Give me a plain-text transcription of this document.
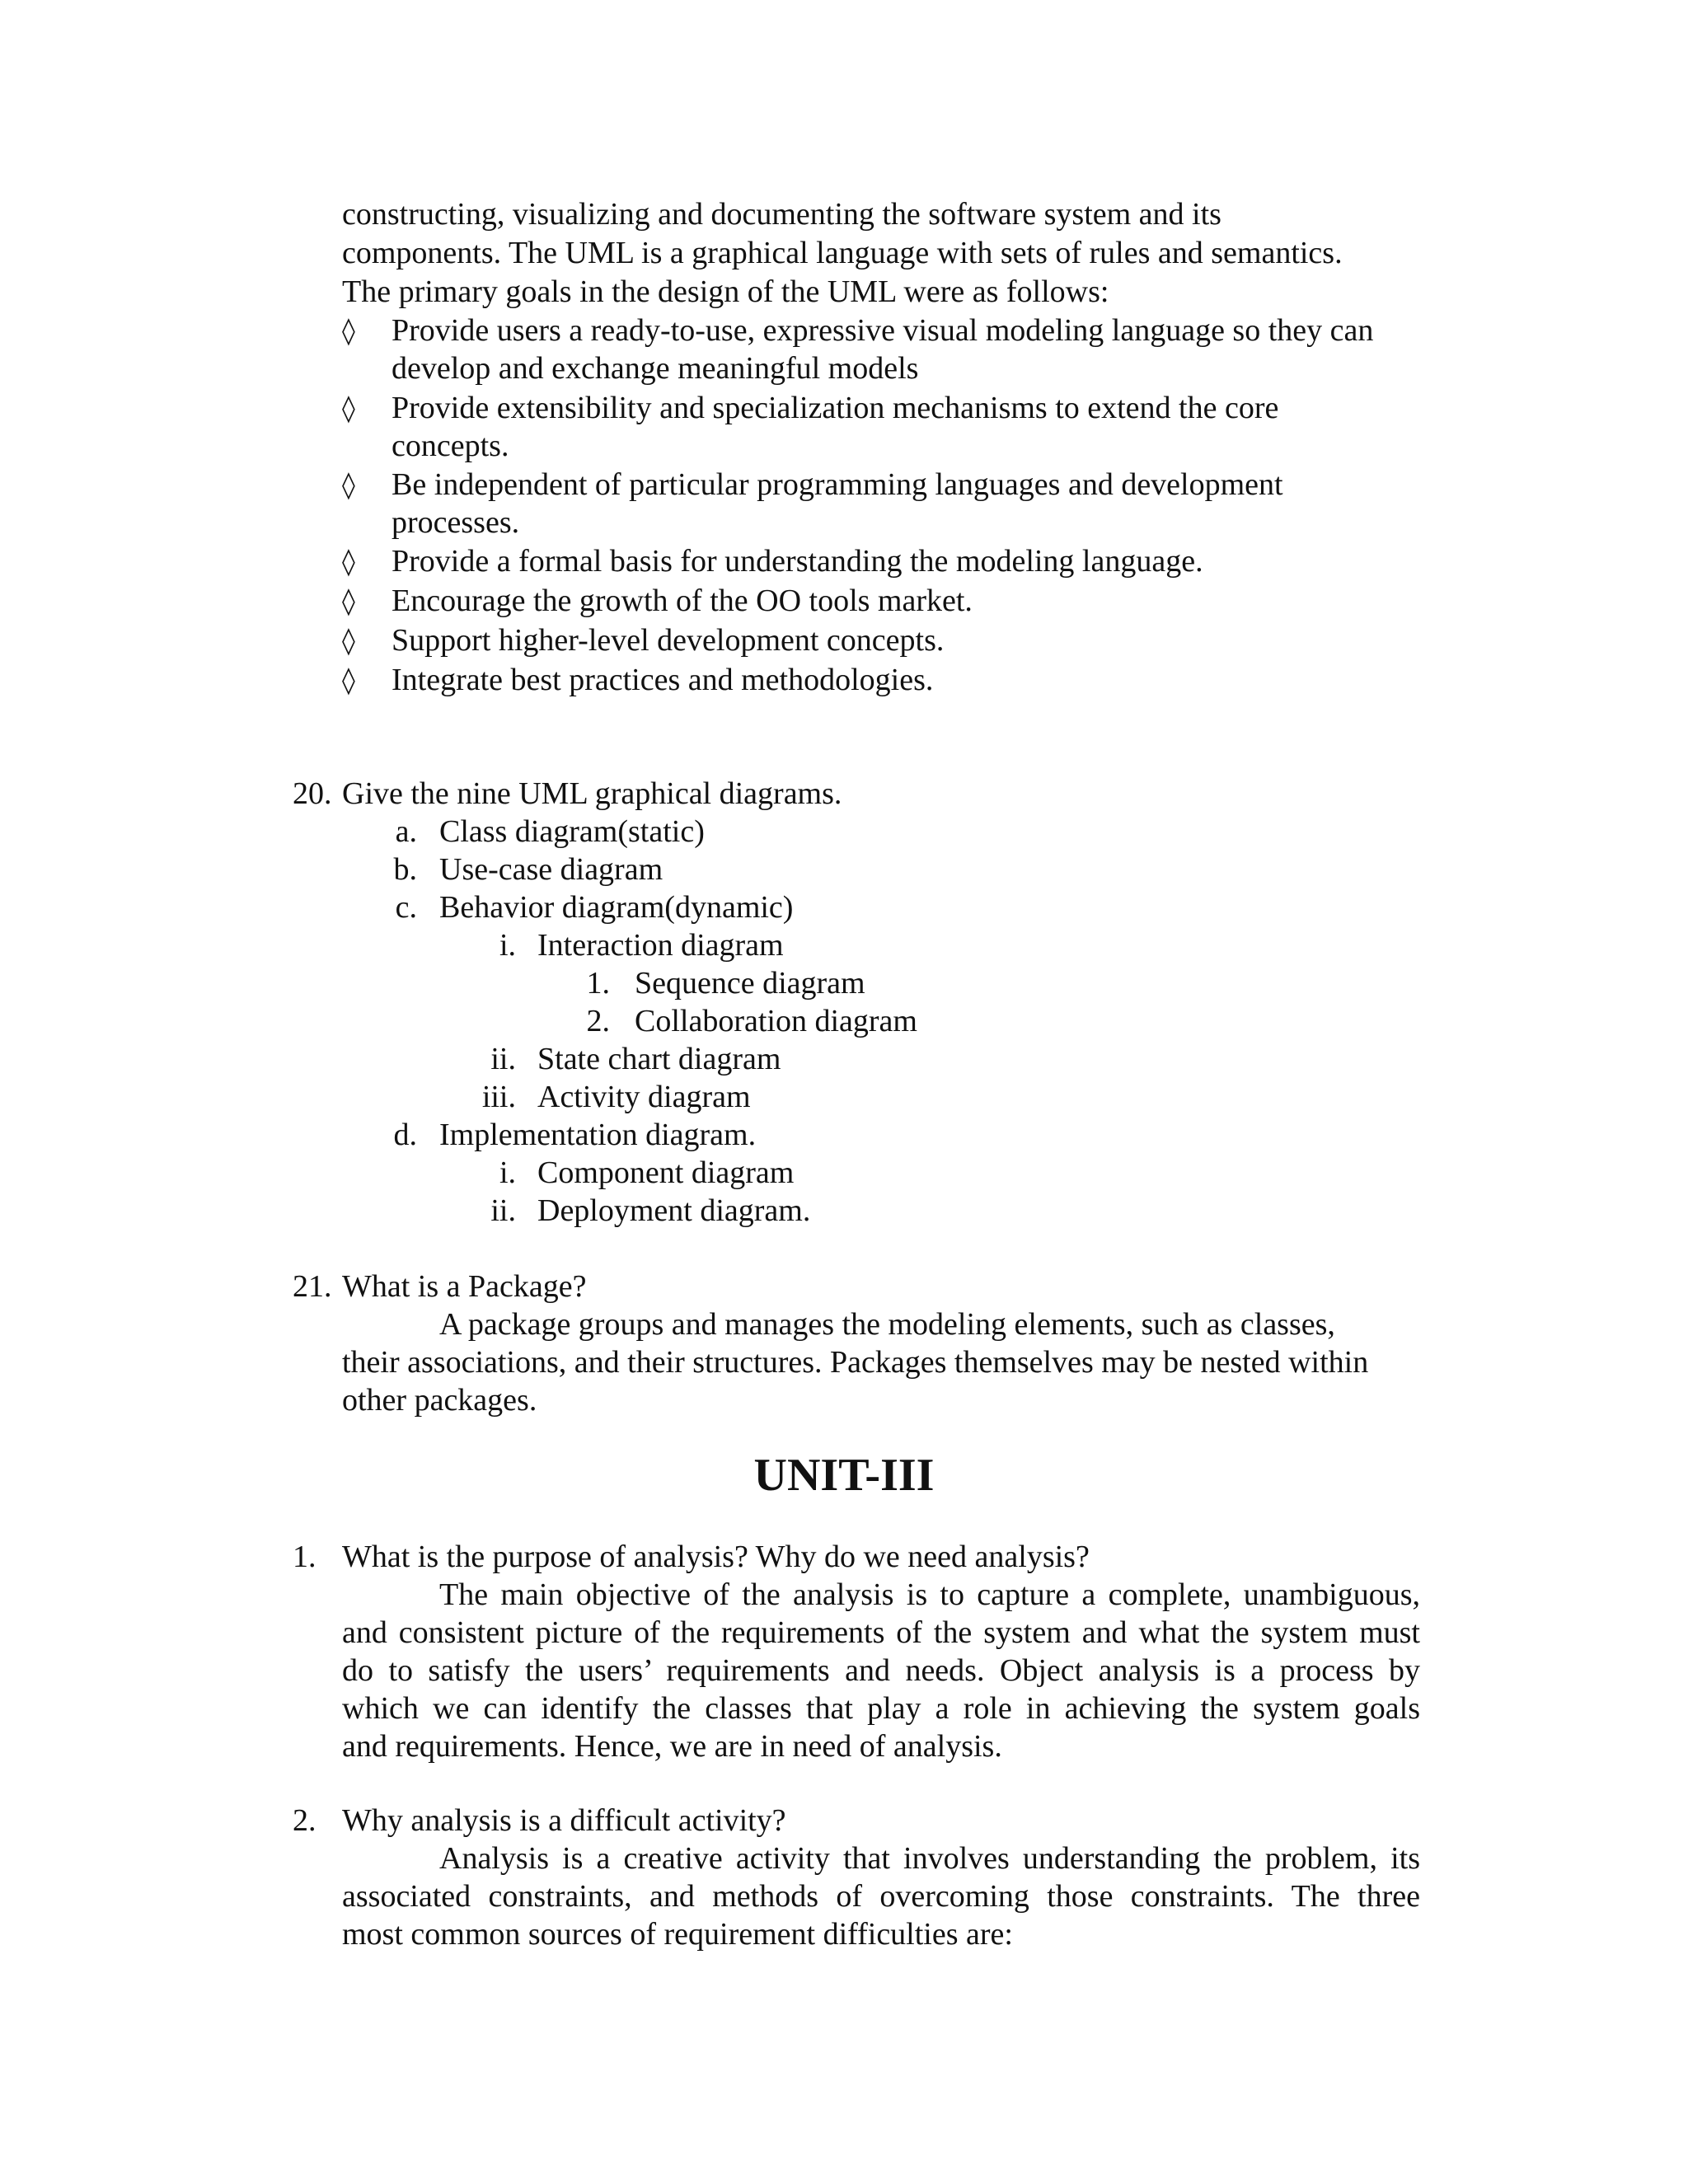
constructing, visualizing and documenting the software system and its
components. The UML is a graphical language with sets of rules and semantics.
The primary goals in the design of the UML were as follows:
◊ Provide users a ready-to-use, expressive visual modeling language so they can
develop and exchange meaningful models
◊ Provide extensibility and specialization mechanisms to extend the core
concepts.
◊ Be independent of particular programming languages and development
processes.
◊ Provide a formal basis for understanding the modeling language.
◊ Encourage the growth of the OO tools market.
◊ Support higher-level development concepts.
◊ Integrate best practices and methodologies.
20. Give the nine UML graphical diagrams.
a. Class diagram(static)
b. Use-case diagram
c. Behavior diagram(dynamic)
i. Interaction diagram
1. Sequence diagram
2. Collaboration diagram
ii. State chart diagram
iii. Activity diagram
d. Implementation diagram.
i. Component diagram
ii. Deployment diagram.
21. What is a Package?
A package groups and manages the modeling elements, such as classes,
their associations, and their structures. Packages themselves may be nested within
other packages.
UNIT-III
1. What is the purpose of analysis? Why do we need analysis?
The main objective of the analysis is to capture a complete, unambiguous,
and consistent picture of the requirements of the system and what the system must
do to satisfy the users’ requirements and needs. Object analysis is a process by
which we can identify the classes that play a role in achieving the system goals
and requirements. Hence, we are in need of analysis.
2. Why analysis is a difficult activity?
Analysis is a creative activity that involves understanding the problem, its
associated constraints, and methods of overcoming those constraints. The three
most common sources of requirement difficulties are:
